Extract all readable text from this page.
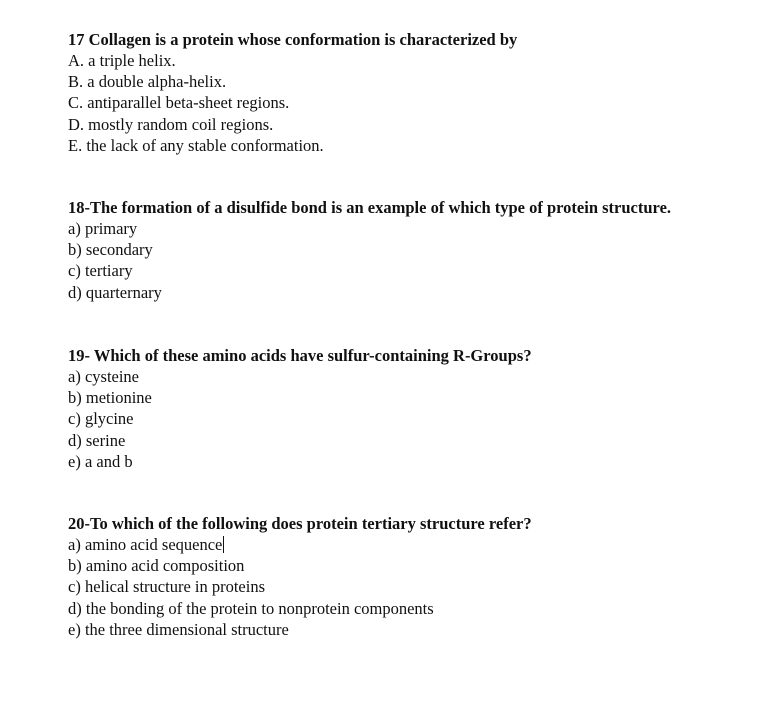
17 Collagen is a protein whose conformation is characterized by
A. a triple helix.
B. a double alpha-helix.
C. antiparallel beta-sheet regions.
D. mostly random coil regions.
E. the lack of any stable conformation.
18-The formation of a disulfide bond is an example of which type of protein structure.
a) primary
b) secondary
c) tertiary
d) quarternary
19- Which of these amino acids have sulfur-containing R-Groups?
a) cysteine
b) metionine
c) glycine
d) serine
e) a and b
20-To which of the following does protein tertiary structure refer?
a) amino acid sequence
b) amino acid composition
c) helical structure in proteins
d) the bonding of the protein to nonprotein components
e) the three dimensional structure
